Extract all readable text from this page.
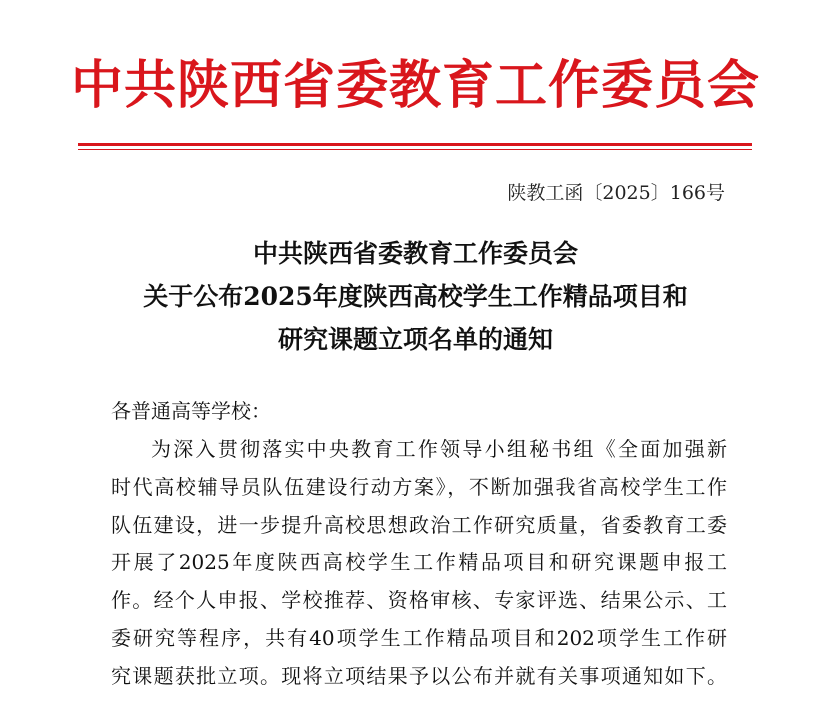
中共陕西省委教育工作委员会
陕教工函〔2025〕166号
中共陕西省委教育工作委员会
关于公布2025年度陕西高校学生工作精品项目和
研究课题立项名单的通知
各普通高等学校：
为深入贯彻落实中央教育工作领导小组秘书组《全面加强新
时代高校辅导员队伍建设行动方案》，不断加强我省高校学生工作
队伍建设，进一步提升高校思想政治工作研究质量，省委教育工委
开展了2025年度陕西高校学生工作精品项目和研究课题申报工
作。经个人申报、学校推荐、资格审核、专家评选、结果公示、工
委研究等程序，共有40项学生工作精品项目和202项学生工作研
究课题获批立项。现将立项结果予以公布并就有关事项通知如下。
